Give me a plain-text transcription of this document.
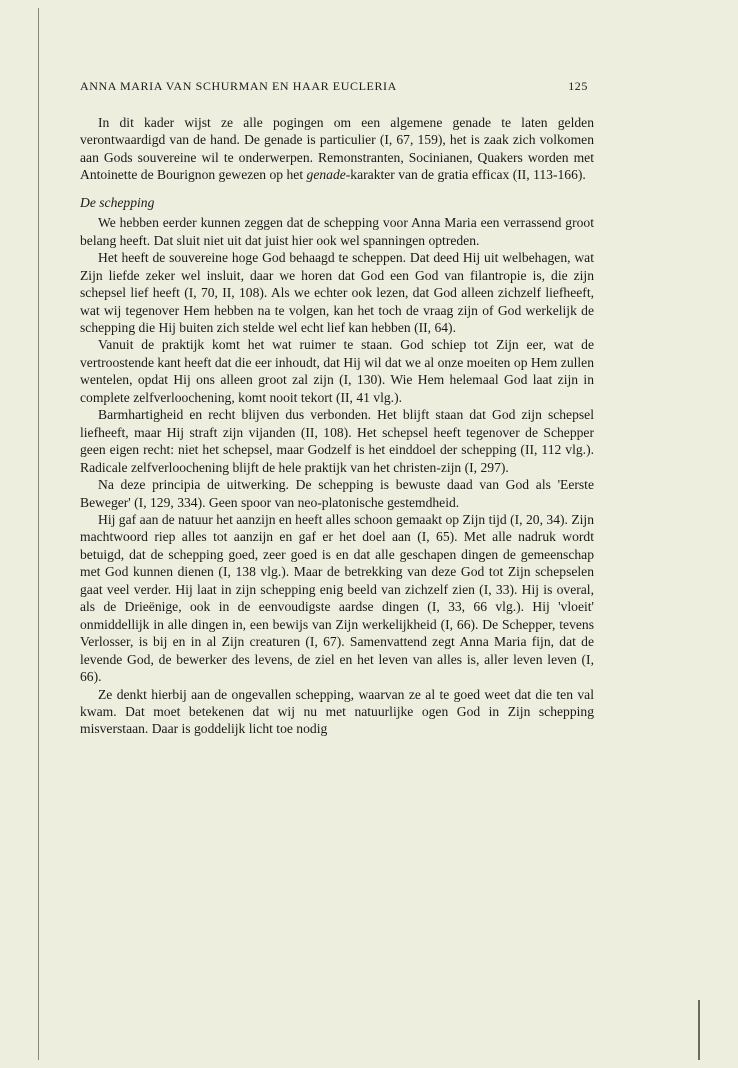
ANNA MARIA VAN SCHURMAN EN HAAR EUCLERIA	125

In dit kader wijst ze alle pogingen om een algemene genade te laten gelden verontwaardigd van de hand. De genade is particulier (I, 67, 159), het is zaak zich volkomen aan Gods souvereine wil te onderwerpen. Remonstranten, Socinianen, Quakers worden met Antoinette de Bourignon gewezen op het genade-karakter van de gratia efficax (II, 113-166).

De schepping

We hebben eerder kunnen zeggen dat de schepping voor Anna Maria een verrassend groot belang heeft. Dat sluit niet uit dat juist hier ook wel spanningen optreden.

Het heeft de souvereine hoge God behaagd te scheppen. Dat deed Hij uit welbehagen, wat Zijn liefde zeker wel insluit, daar we horen dat God een God van filantropie is, die zijn schepsel lief heeft (I, 70, II, 108). Als we echter ook lezen, dat God alleen zichzelf liefheeft, wat wij tegenover Hem hebben na te volgen, kan het toch de vraag zijn of God werkelijk de schepping die Hij buiten zich stelde wel echt lief kan hebben (II, 64).

Vanuit de praktijk komt het wat ruimer te staan. God schiep tot Zijn eer, wat de vertroostende kant heeft dat die eer inhoudt, dat Hij wil dat we al onze moeiten op Hem zullen wentelen, opdat Hij ons alleen groot zal zijn (I, 130). Wie Hem helemaal God laat zijn in complete zelfverloochening, komt nooit tekort (II, 41 vlg.).

Barmhartigheid en recht blijven dus verbonden. Het blijft staan dat God zijn schepsel liefheeft, maar Hij straft zijn vijanden (II, 108). Het schepsel heeft tegenover de Schepper geen eigen recht: niet het schepsel, maar Godzelf is het einddoel der schepping (II, 112 vlg.). Radicale zelfverloochening blijft de hele praktijk van het christen-zijn (I, 297).

Na deze principia de uitwerking. De schepping is bewuste daad van God als 'Eerste Beweger' (I, 129, 334). Geen spoor van neo-platonische gestemdheid.

Hij gaf aan de natuur het aanzijn en heeft alles schoon gemaakt op Zijn tijd (I, 20, 34). Zijn machtwoord riep alles tot aanzijn en gaf er het doel aan (I, 65). Met alle nadruk wordt betuigd, dat de schepping goed, zeer goed is en dat alle geschapen dingen de gemeenschap met God kunnen dienen (I, 138 vlg.). Maar de betrekking van deze God tot Zijn schepselen gaat veel verder. Hij laat in zijn schepping enig beeld van zichzelf zien (I, 33). Hij is overal, als de Drieënige, ook in de eenvoudigste aardse dingen (I, 33, 66 vlg.). Hij 'vloeit' onmiddellijk in alle dingen in, een bewijs van Zijn werkelijkheid (I, 66). De Schepper, tevens Verlosser, is bij en in al Zijn creaturen (I, 67). Samenvattend zegt Anna Maria fijn, dat de levende God, de bewerker des levens, de ziel en het leven van alles is, aller leven leven (I, 66).

Ze denkt hierbij aan de ongevallen schepping, waarvan ze al te goed weet dat die ten val kwam. Dat moet betekenen dat wij nu met natuurlijke ogen God in Zijn schepping misverstaan. Daar is goddelijk licht toe nodig
